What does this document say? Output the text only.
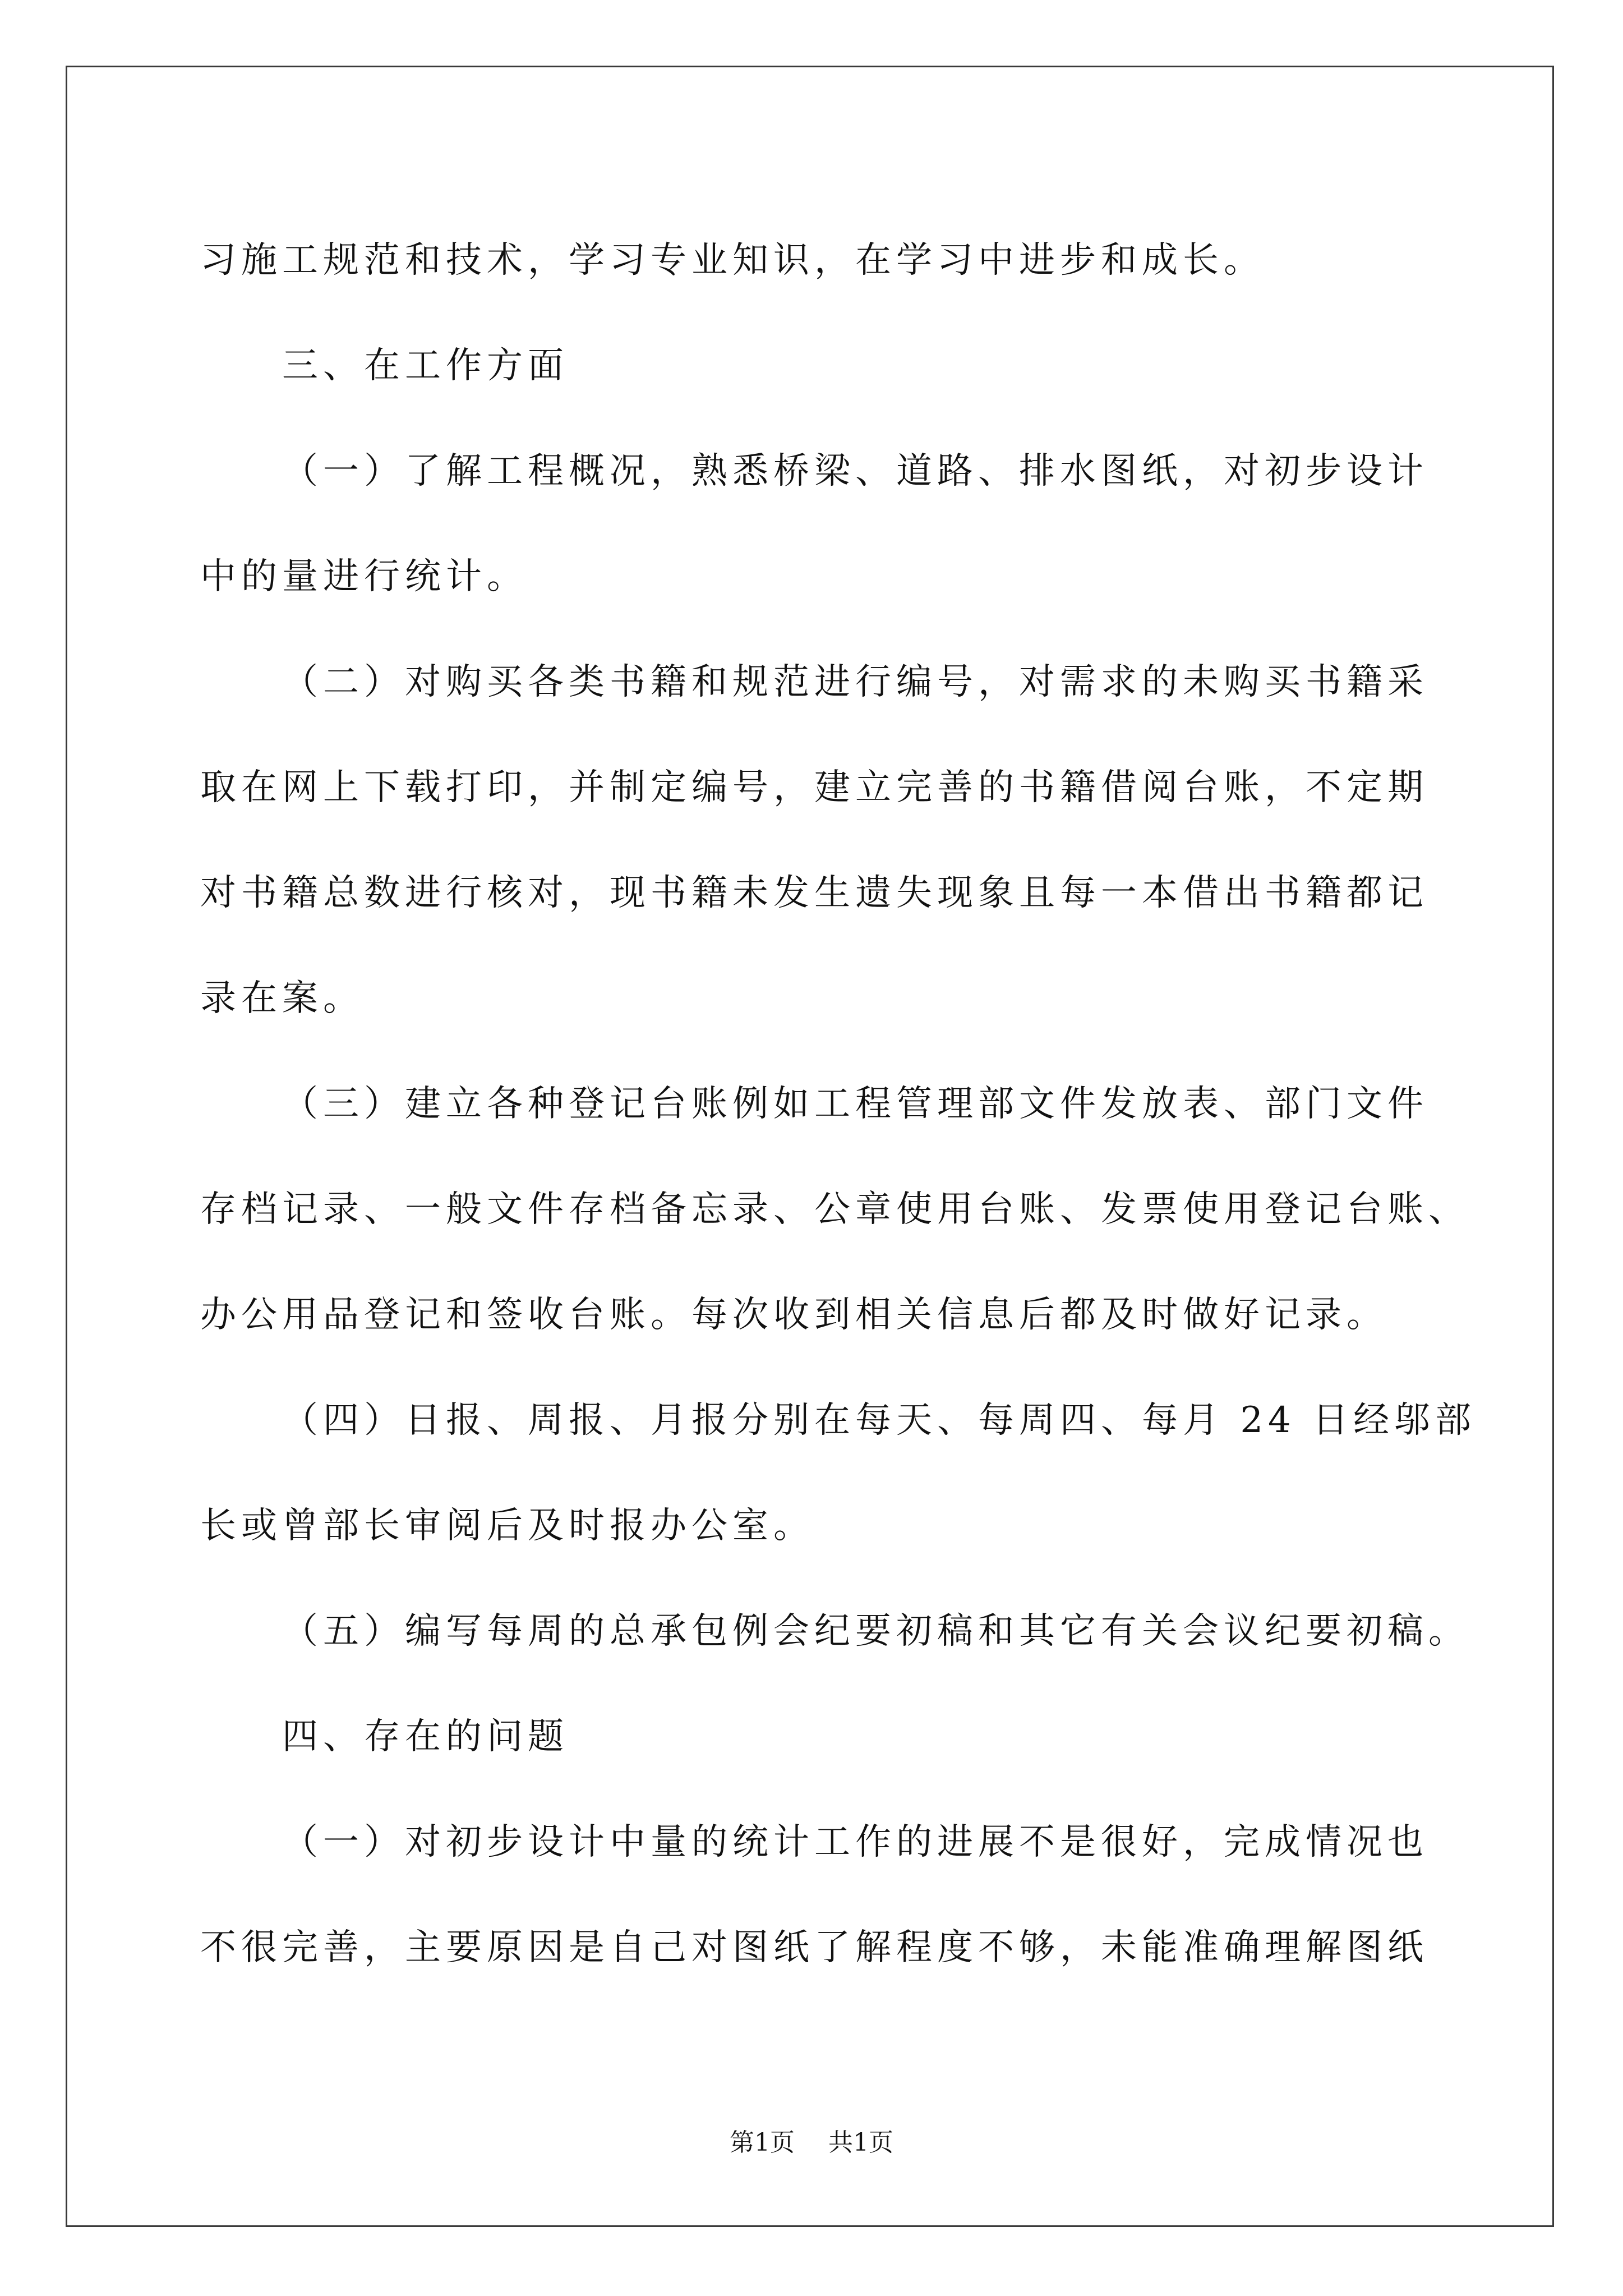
习施工规范和技术，学习专业知识，在学习中进步和成长。
三、在工作方面
（一）了解工程概况，熟悉桥梁、道路、排水图纸，对初步设计
中的量进行统计。
（二）对购买各类书籍和规范进行编号，对需求的未购买书籍采
取在网上下载打印，并制定编号，建立完善的书籍借阅台账，不定期
对书籍总数进行核对，现书籍未发生遗失现象且每一本借出书籍都记
录在案。
（三）建立各种登记台账例如工程管理部文件发放表、部门文件
存档记录、一般文件存档备忘录、公章使用台账、发票使用登记台账、
办公用品登记和签收台账。每次收到相关信息后都及时做好记录。
（四）日报、周报、月报分别在每天、每周四、每月 24 日经邬部
长或曾部长审阅后及时报办公室。
（五）编写每周的总承包例会纪要初稿和其它有关会议纪要初稿。
四、存在的问题
（一）对初步设计中量的统计工作的进展不是很好，完成情况也
不很完善，主要原因是自己对图纸了解程度不够，未能准确理解图纸
第1页 共1页
